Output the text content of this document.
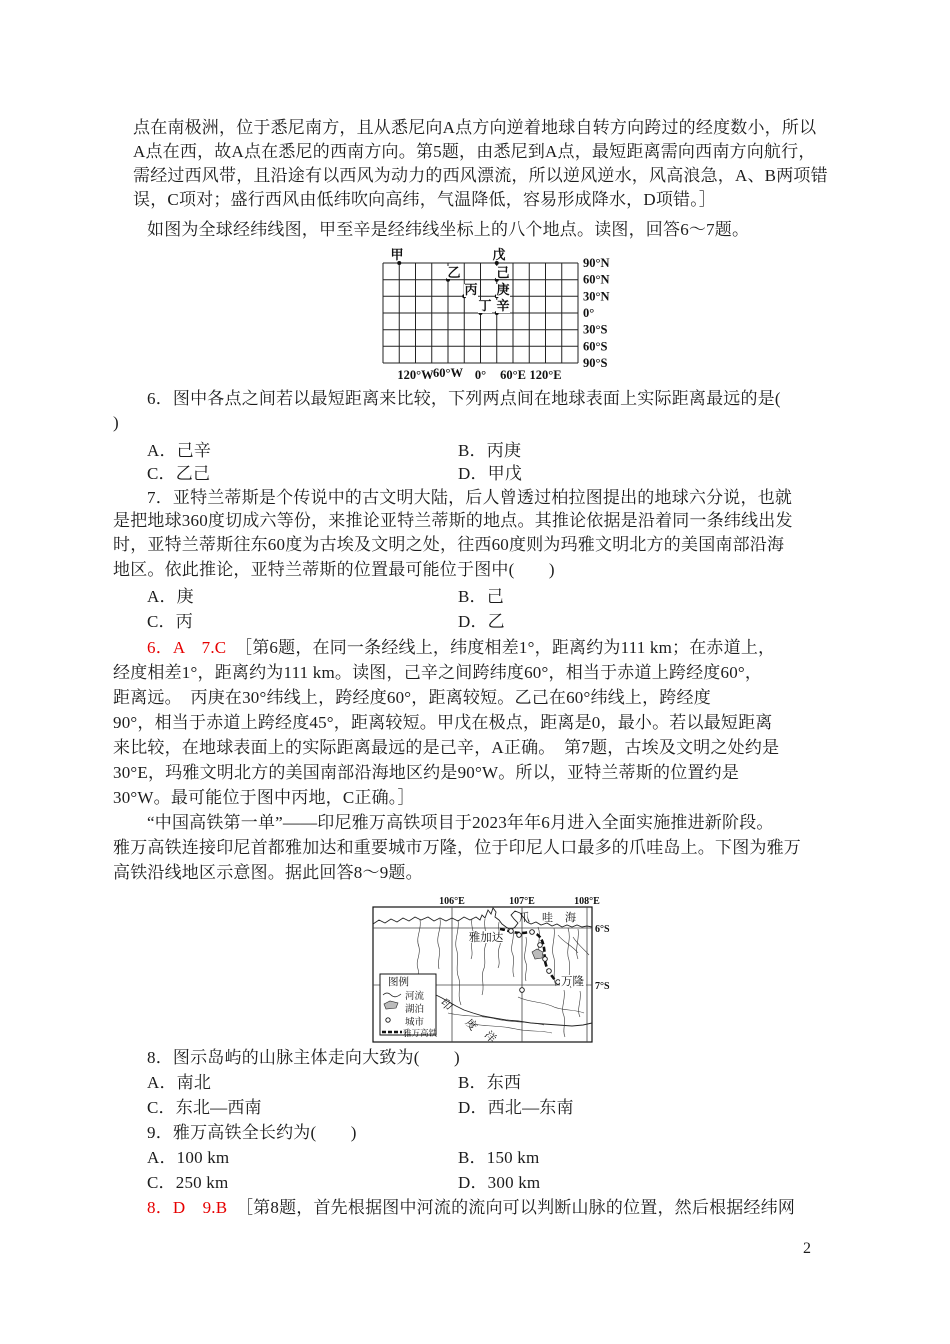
点在南极洲，位于悉尼南方，且从悉尼向A点方向逆着地球自转方向跨过的经度数小，所以
A点在西，故A点在悉尼的西南方向。第5题，由悉尼到A点，最短距离需向西南方向航行，
需经过西风带，且沿途有以西风为动力的西风漂流，所以逆风逆水，风高浪急，A、B两项错
误，C项对；盛行西风由低纬吹向高纬，气温降低，容易形成降水，D项错。］
如图为全球经纬线图，甲至辛是经纬线坐标上的八个地点。读图，回答6～7题。
甲	戊
乙	己
丙 庚
丁 辛
90°N
60°N
30°N
0°
30°S
60°S
90°S
120°W 60°W 0° 60°E 120°E
6．图中各点之间若以最短距离来比较，下列两点间在地球表面上实际距离最远的是(
)
A．己辛	B．丙庚
C．乙己	D．甲戊
7．亚特兰蒂斯是个传说中的古文明大陆，后人曾透过柏拉图提出的地球六分说，也就
是把地球360度切成六等份，来推论亚特兰蒂斯的地点。其推论依据是沿着同一条纬线出发
时，亚特兰蒂斯往东60度为古埃及文明之处，往西60度则为玛雅文明北方的美国南部沿海
地区。依此推论，亚特兰蒂斯的位置最可能位于图中(　　)
A．庚	B．己
C．丙	D．乙
6．A　7.C　［第6题，在同一条经线上，纬度相差1°，距离约为111 km；在赤道上，
经度相差1°，距离约为111 km。读图，己辛之间跨纬度60°，相当于赤道上跨经度60°，
距离远。　丙庚在30°纬线上，跨经度60°，距离较短。乙己在60°纬线上，跨经度
90°，相当于赤道上跨经度45°，距离较短。甲戊在极点，距离是0，最小。若以最短距离
来比较，在地球表面上的实际距离最远的是己辛，A正确。　第7题，古埃及文明之处约是
30°E，玛雅文明北方的美国南部沿海地区约是90°W。所以，亚特兰蒂斯的位置约是
30°W。最可能位于图中丙地，C正确。］
“中国高铁第一单”——印尼雅万高铁项目于2023年年6月进入全面实施推进新阶段。
雅万高铁连接印尼首都雅加达和重要城市万隆，位于印尼人口最多的爪哇岛上。下图为雅万
高铁沿线地区示意图。据此回答8～9题。
106°E	107°E	108°E
6°S
7°S
爪哇海
印
度
洋
雅加达
万隆
图例
河流
湖泊
城市
雅万高铁
8．图示岛屿的山脉主体走向大致为(　　)
A．南北	B．东西
C．东北—西南	D．西北—东南
9．雅万高铁全长约为(　　)
A．100 km	B．150 km
C．250 km	D．300 km
8．D　9.B　［第8题，首先根据图中河流的流向可以判断山脉的位置，然后根据经纬网
2
